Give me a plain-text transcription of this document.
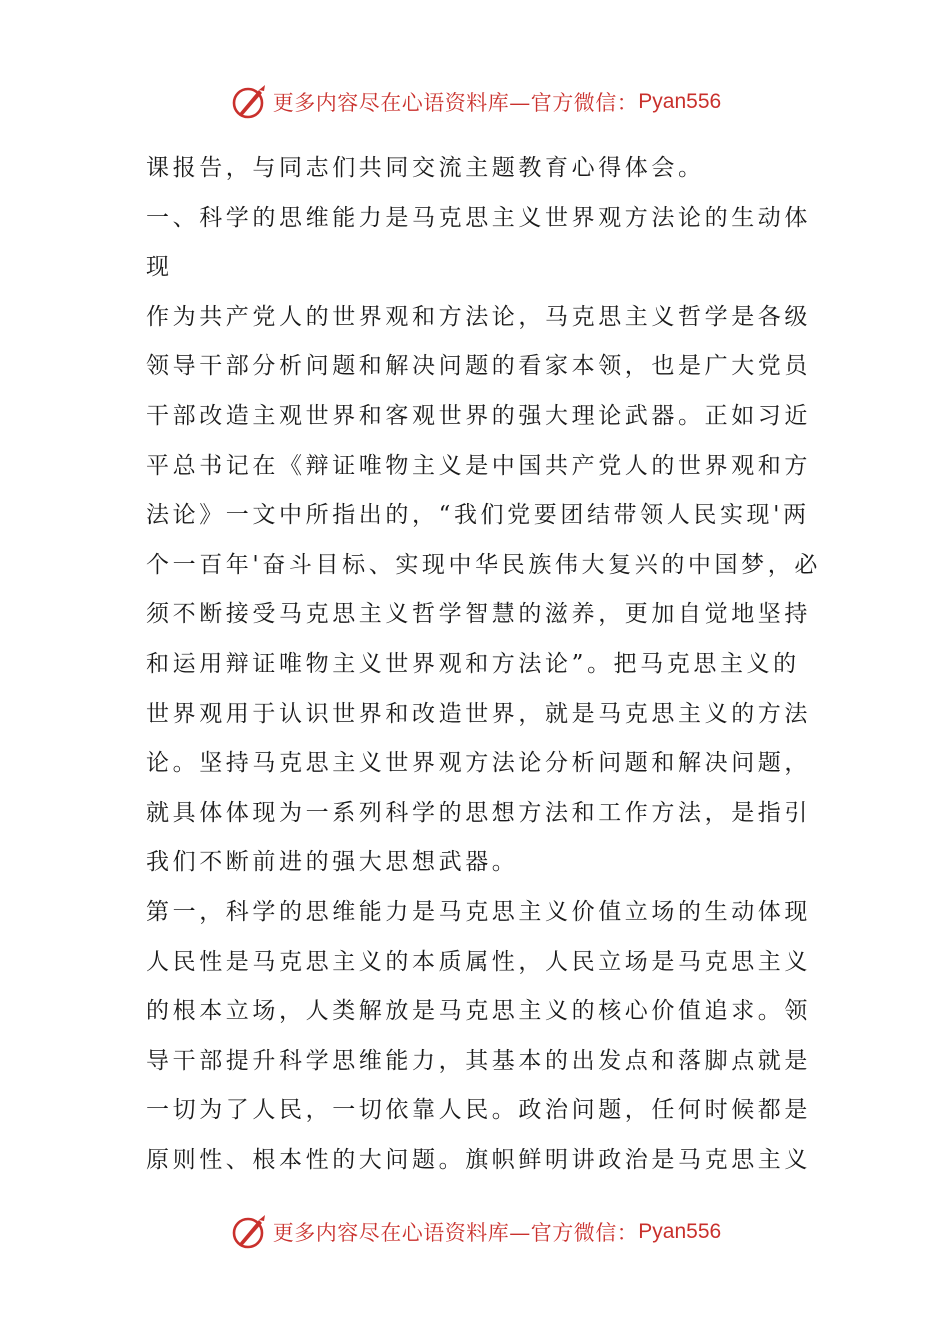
更多内容尽在心语资料库—官方微信： Pyan556
课报告，与同志们共同交流主题教育心得体会。
一、科学的思维能力是马克思主义世界观方法论的生动体
现
作为共产党人的世界观和方法论，马克思主义哲学是各级
领导干部分析问题和解决问题的看家本领，也是广大党员
干部改造主观世界和客观世界的强大理论武器。正如习近
平总书记在《辩证唯物主义是中国共产党人的世界观和方
法论》一文中所指出的，“我们党要团结带领人民实现'两
个一百年'奋斗目标、实现中华民族伟大复兴的中国梦，必
须不断接受马克思主义哲学智慧的滋养，更加自觉地坚持
和运用辩证唯物主义世界观和方法论”。把马克思主义的
世界观用于认识世界和改造世界，就是马克思主义的方法
论。坚持马克思主义世界观方法论分析问题和解决问题，
就具体体现为一系列科学的思想方法和工作方法，是指引
我们不断前进的强大思想武器。
第一，科学的思维能力是马克思主义价值立场的生动体现
人民性是马克思主义的本质属性，人民立场是马克思主义
的根本立场，人类解放是马克思主义的核心价值追求。领
导干部提升科学思维能力，其基本的出发点和落脚点就是
一切为了人民，一切依靠人民。政治问题，任何时候都是
原则性、根本性的大问题。旗帜鲜明讲政治是马克思主义
更多内容尽在心语资料库—官方微信： Pyan556
